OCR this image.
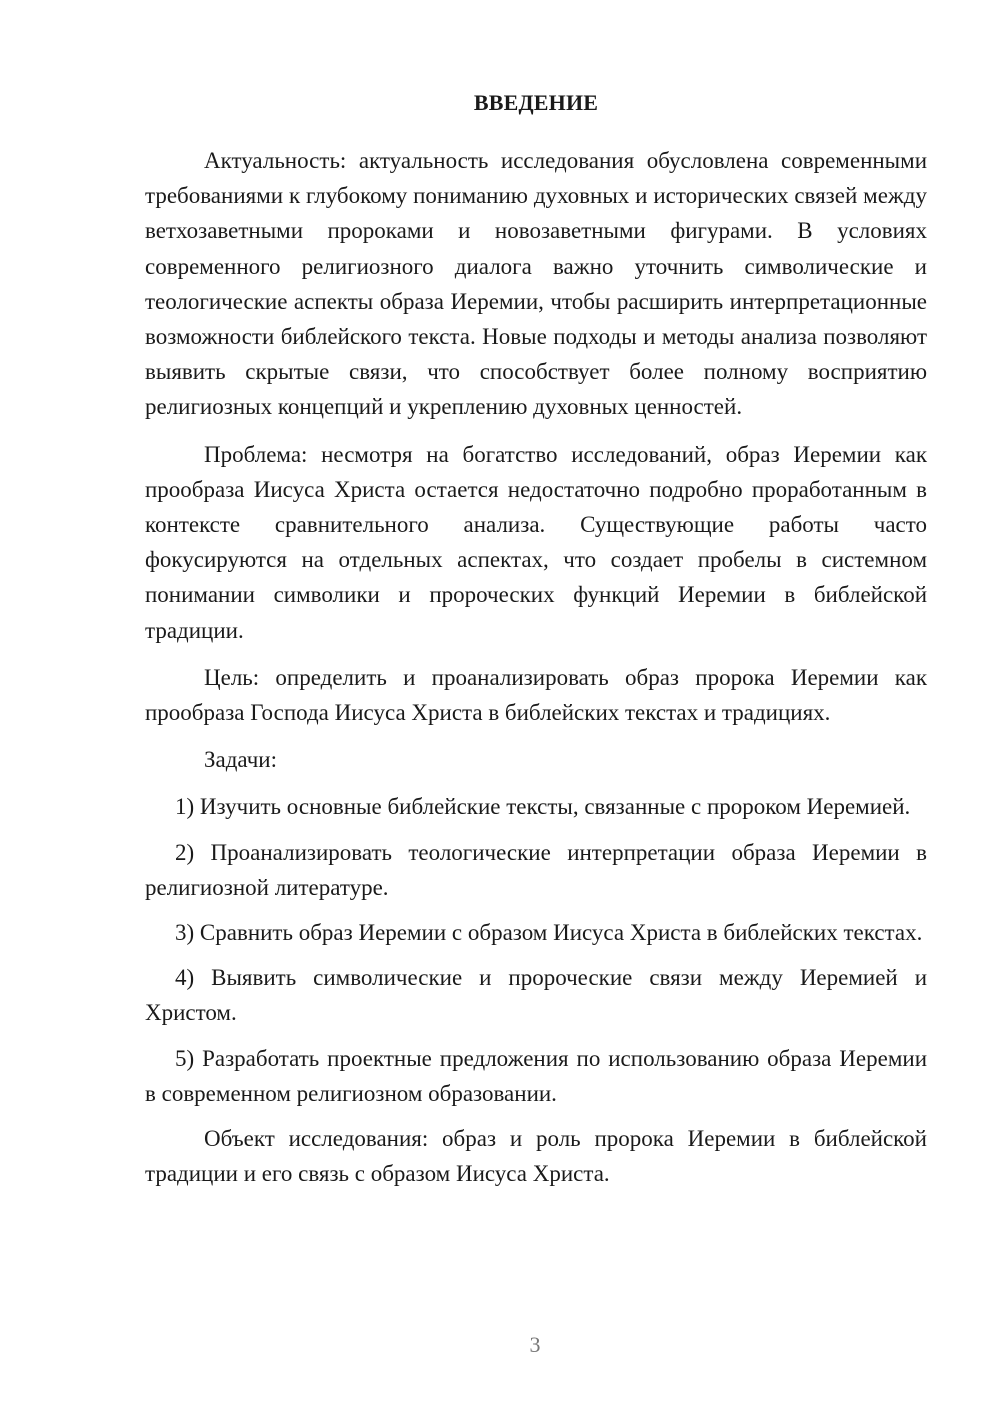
ВВЕДЕНИЕ

Актуальность: актуальность исследования обусловлена современными требованиями к глубокому пониманию духовных и исторических связей между ветхозаветными пророками и новозаветными фигурами. В условиях современного религиозного диалога важно уточнить символические и теологические аспекты образа Иеремии, чтобы расширить интерпретационные возможности библейского текста. Новые подходы и методы анализа позволяют выявить скрытые связи, что способствует более полному восприятию религиозных концепций и укреплению духовных ценностей.

Проблема: несмотря на богатство исследований, образ Иеремии как прообраза Иисуса Христа остается недостаточно подробно проработанным в контексте сравнительного анализа. Существующие работы часто фокусируются на отдельных аспектах, что создает пробелы в системном понимании символики и пророческих функций Иеремии в библейской традиции.

Цель: определить и проанализировать образ пророка Иеремии как прообраза Господа Иисуса Христа в библейских текстах и традициях.

Задачи:

1) Изучить основные библейские тексты, связанные с пророком Иеремией.

2) Проанализировать теологические интерпретации образа Иеремии в религиозной литературе.

3) Сравнить образ Иеремии с образом Иисуса Христа в библейских текстах.

4) Выявить символические и пророческие связи между Иеремией и Христом.

5) Разработать проектные предложения по использованию образа Иеремии в современном религиозном образовании.

Объект исследования: образ и роль пророка Иеремии в библейской традиции и его связь с образом Иисуса Христа.

3
